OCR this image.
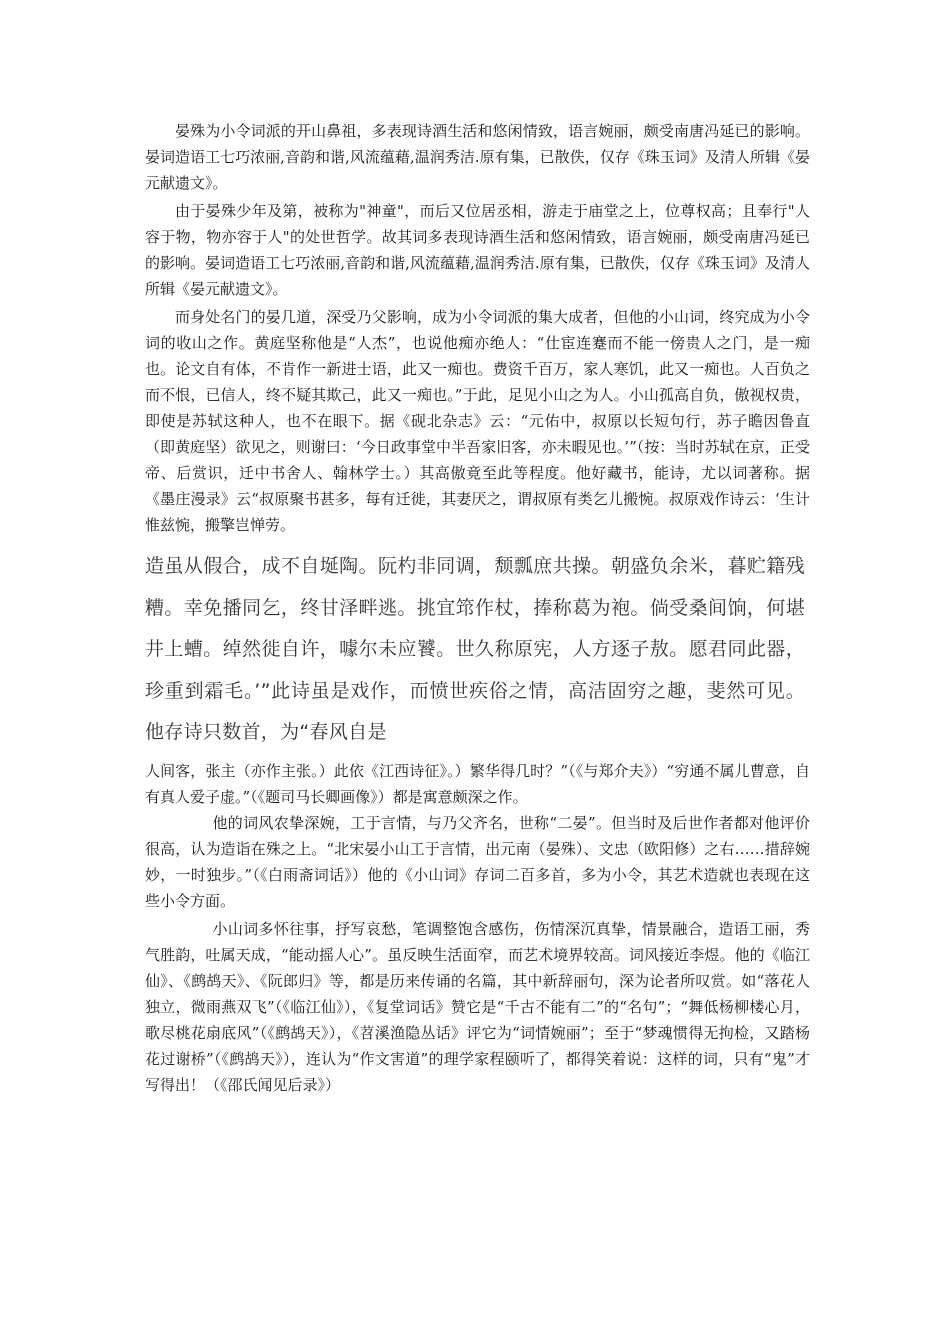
晏殊为小令词派的开山鼻祖，多表现诗酒生活和悠闲情致，语言婉丽，颇受南唐冯延已的影响。晏词造语工七巧浓丽,音韵和谐,风流蕴藉,温润秀洁.原有集，已散佚，仅存《珠玉词》及清人所辑《晏元献遗文》。

由于晏殊少年及第，被称为"神童"，而后又位居丞相，游走于庙堂之上，位尊权高；且奉行"人容于物，物亦容于人"的处世哲学。故其词多表现诗酒生活和悠闲情致，语言婉丽，颇受南唐冯延已的影响。晏词造语工七巧浓丽,音韵和谐,风流蕴藉,温润秀洁.原有集，已散佚，仅存《珠玉词》及清人所辑《晏元献遗文》。

而身处名门的晏几道，深受乃父影响，成为小令词派的集大成者，但他的小山词，终究成为小令词的收山之作。黄庭坚称他是“人杰”，也说他痴亦绝人：“仕宦连蹇而不能一傍贵人之门，是一痴也。论文自有体，不肯作一新进士语，此又一痴也。费资千百万，家人寒饥，此又一痴也。人百负之而不恨，已信人，终不疑其欺己，此又一痴也。”于此，足见小山之为人。小山孤高自负，傲视权贵，即使是苏轼这种人，也不在眼下。据《砚北杂志》云：“元佑中，叔原以长短句行，苏子瞻因鲁直（即黄庭坚）欲见之，则谢曰：‘今日政事堂中半吾家旧客，亦未暇见也。’”（按：当时苏轼在京，正受帝、后赏识，迁中书舍人、翰林学士。）其高傲竟至此等程度。他好藏书，能诗，尤以词著称。据《墨庄漫录》云“叔原聚书甚多，每有迁徙，其妻厌之，谓叔原有类乞儿搬惋。叔原戏作诗云：‘生计惟兹惋，搬擎岂惮劳。

造虽从假合，成不自埏陶。阮杓非同调，颓瓢庶共操。朝盛负余米，暮贮籍残糟。幸免播同乞，终甘泽畔逃。挑宜筇作杖，捧称葛为袍。倘受桑间饷，何堪井上螬。绰然徙自许，噱尔未应饕。世久称原宪，人方逐子敖。愿君同此器，珍重到霜毛。’”此诗虽是戏作，而愤世疾俗之情，高洁固穷之趣，斐然可见。他存诗只数首，为“春风自是

人间客，张主（亦作主张。）此依《江西诗征》。）繁华得几时？”（《与郑介夫》）“穷通不属儿曹意，自有真人爱子虚。”（《题司马长卿画像》）都是寓意颇深之作。

他的词风农挚深婉，工于言情，与乃父齐名，世称“二晏”。但当时及后世作者都对他评价很高，认为造诣在殊之上。“北宋晏小山工于言情，出元南（晏殊）、文忠（欧阳修）之右……措辞婉妙，一时独步。”（《白雨斋词话》）他的《小山词》存词二百多首，多为小令，其艺术造就也表现在这些小令方面。

小山词多怀往事，抒写哀愁，笔调整饱含感伤，伤情深沉真挚，情景融合，造语工丽，秀气胜韵，吐属天成，“能动摇人心”。虽反映生活面窄，而艺术境界较高。词风接近李煜。他的《临江仙》、《鹧鸪天》、《阮郎归》等，都是历来传诵的名篇，其中新辞丽句，深为论者所叹赏。如“落花人独立，微雨燕双飞”（《临江仙》），《复堂词话》赞它是“千古不能有二”的“名句”；“舞低杨柳楼心月，歌尽桃花扇底风”（《鹧鸪天》），《苕溪渔隐丛话》评它为“词情婉丽”；至于“梦魂惯得无拘检，又踏杨花过谢桥”（《鹧鸪天》），连认为“作文害道”的理学家程颐听了，都得笑着说：这样的词，只有“鬼”才写得出！（《邵氏闻见后录》）
